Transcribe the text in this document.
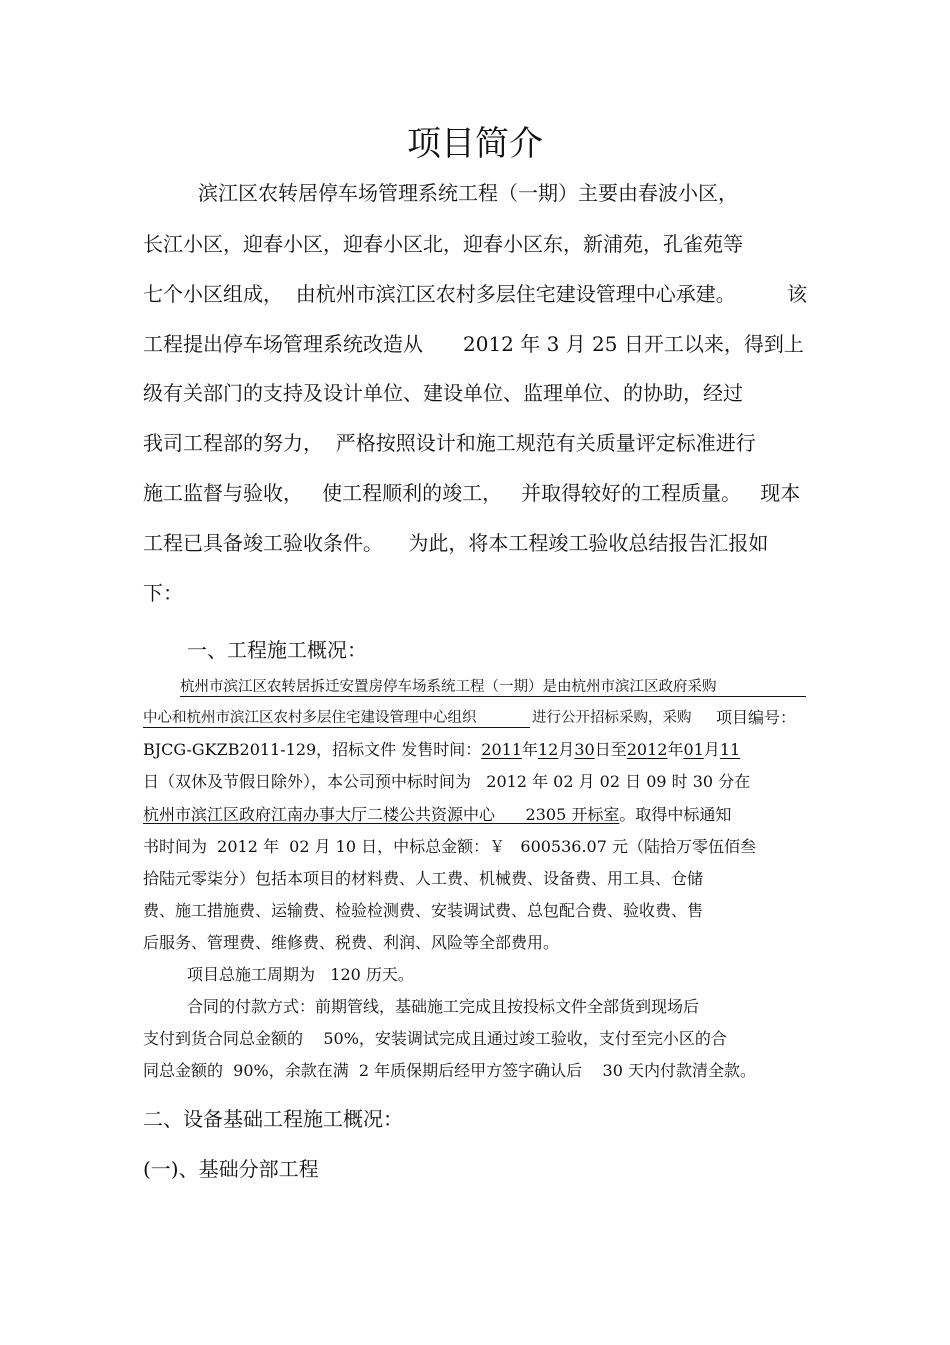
项目简介
滨江区农转居停车场管理系统工程（一期）主要由春波小区，
长江小区，迎春小区，迎春小区北，迎春小区东，新浦苑，孔雀苑等
七个小区组成，  由杭州市滨江区农村多层住宅建设管理中心承建。	该
工程提出停车场管理系统改造从 2012 年 3 月 25 日开工以来，得到上
级有关部门的支持及设计单位、建设单位、监理单位、的协助，经过
我司工程部的努力，  严格按照设计和施工规范有关质量评定标准进行
施工监督与验收，   使工程顺利的竣工，   并取得较好的工程质量。   现本
工程已具备竣工验收条件。    为此，将本工程竣工验收总结报告汇报如
下：
一、工程施工概况：
杭州市滨江区农转居拆迁安置房停车场系统工程（一期）是由杭州市滨江区政府采购
中心和杭州市滨江区农村多层住宅建设管理中心组织	进行公开招标采购，采购 项目编号：
BJCG-GKZB2011-129，招标文件 发售时间：2011年12月30日至2012年01月11
日（双休及节假日除外），本公司预中标时间为   2012 年 02 月 02 日 09 时 30 分在
杭州市滨江区政府江南办事大厅二楼公共资源中心 2305 开标室。取得中标通知
书时间为  2012 年  02 月 10 日，中标总金额：￥   600536.07 元（陆拾万零伍佰叁
拾陆元零柒分）包括本项目的材料费、人工费、机械费、设备费、用工具、仓储
费、施工措施费、运输费、检验检测费、安装调试费、总包配合费、验收费、售
后服务、管理费、维修费、税费、利润、风险等全部费用。
项目总施工周期为   120 历天。
合同的付款方式：前期管线，基础施工完成且按投标文件全部货到现场后
支付到货合同总金额的    50%，安装调试完成且通过竣工验收，支付至完小区的合
同总金额的  90%，余款在满  2 年质保期后经甲方签字确认后    30 天内付款清全款。
二、设备基础工程施工概况：
(一)、基础分部工程
